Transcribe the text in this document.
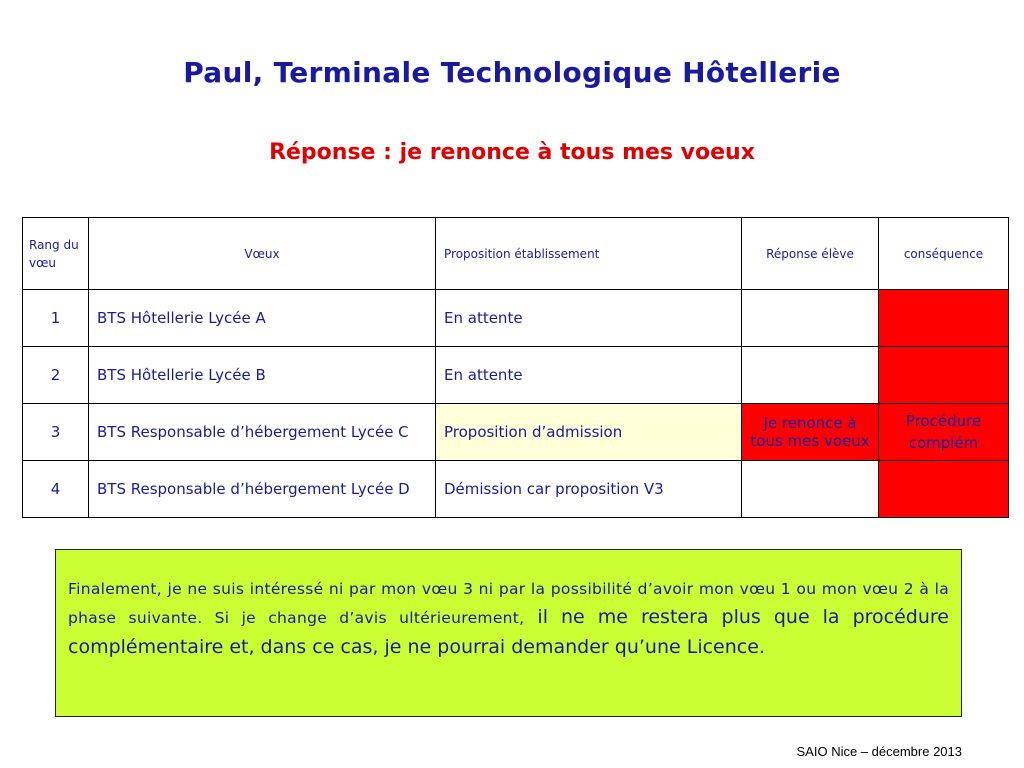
Paul, Terminale Technologique Hôtellerie
Réponse : je renonce à tous mes voeux
Rang du vœu	Vœux	Proposition établissement	Réponse élève	conséquence
1	BTS Hôtellerie Lycée A	En attente		
2	BTS Hôtellerie Lycée B	En attente		
3	BTS Responsable d’hébergement Lycée C	Proposition d’admission	Je renonce à tous mes voeux	Procédure complém
4	BTS Responsable d’hébergement Lycée D	Démission car proposition V3		
Finalement, je ne suis intéressé ni par mon vœu 3 ni par la possibilité d’avoir mon vœu 1 ou mon vœu 2 à la phase suivante. Si je change d’avis ultérieurement, il ne me restera plus que la procédure complémentaire et, dans ce cas, je ne pourrai demander qu’une Licence.
SAIO Nice – décembre 2013
